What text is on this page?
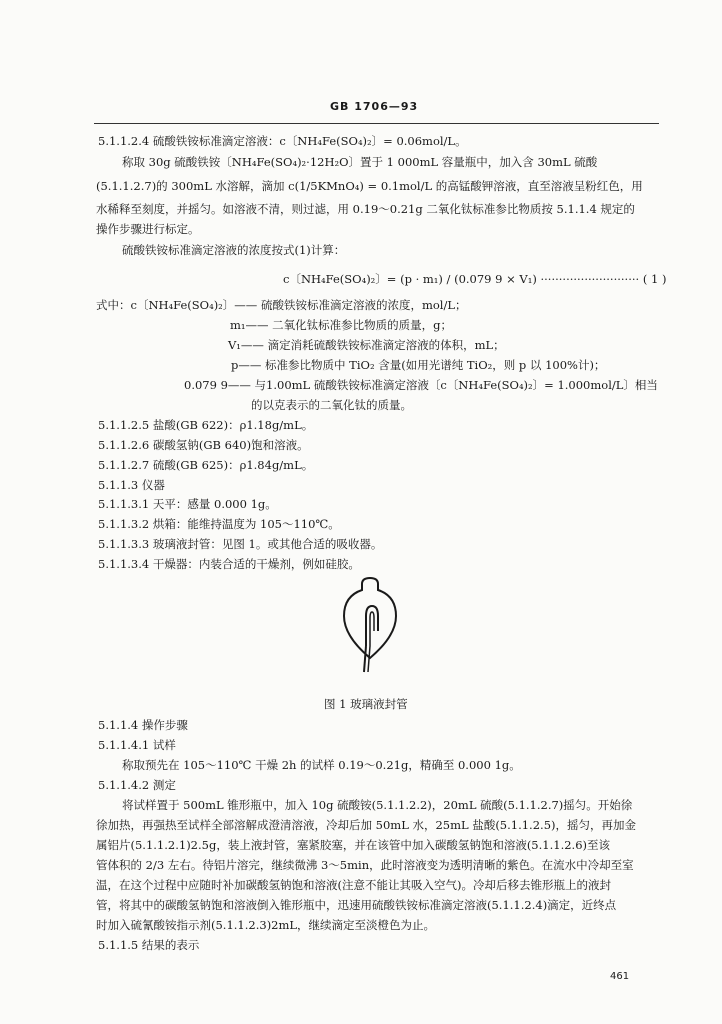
GB 1706—93
5.1.1.2.4 硫酸铁铵标准滴定溶液：c〔NH₄Fe(SO₄)₂〕= 0.06mol/L。
称取 30g 硫酸铁铵〔NH₄Fe(SO₄)₂·12H₂O〕置于 1 000mL 容量瓶中，加入含 30mL 硫酸
(5.1.1.2.7)的 300mL 水溶解，滴加 c(1/5KMnO₄) = 0.1mol/L 的高锰酸钾溶液，直至溶液呈粉红色，用
水稀释至刻度，并摇匀。如溶液不清，则过滤，用 0.19～0.21g 二氧化钛标准参比物质按 5.1.1.4 规定的
操作步骤进行标定。
硫酸铁铵标准滴定溶液的浓度按式(1)计算：
c〔NH₄Fe(SO₄)₂〕= (p · m₁) / (0.079 9 × V₁) ··························· ( 1 )
式中：c〔NH₄Fe(SO₄)₂〕—— 硫酸铁铵标准滴定溶液的浓度，mol/L；
m₁—— 二氧化钛标准参比物质的质量，g；
V₁—— 滴定消耗硫酸铁铵标准滴定溶液的体积，mL；
p—— 标准参比物质中 TiO₂ 含量(如用光谱纯 TiO₂，则 p 以 100%计)；
0.079 9—— 与1.00mL 硫酸铁铵标准滴定溶液〔c〔NH₄Fe(SO₄)₂〕= 1.000mol/L〕相当
的以克表示的二氧化钛的质量。
5.1.1.2.5 盐酸(GB 622)：ρ1.18g/mL。
5.1.1.2.6 碳酸氢钠(GB 640)饱和溶液。
5.1.1.2.7 硫酸(GB 625)：ρ1.84g/mL。
5.1.1.3 仪器
5.1.1.3.1 天平：感量 0.000 1g。
5.1.1.3.2 烘箱：能维持温度为 105～110℃。
5.1.1.3.3 玻璃液封管：见图 1。或其他合适的吸收器。
5.1.1.3.4 干燥器：内装合适的干燥剂，例如硅胶。
图 1 玻璃液封管
5.1.1.4 操作步骤
5.1.1.4.1 试样
称取预先在 105～110℃ 干燥 2h 的试样 0.19～0.21g，精确至 0.000 1g。
5.1.1.4.2 测定
将试样置于 500mL 锥形瓶中，加入 10g 硫酸铵(5.1.1.2.2)，20mL 硫酸(5.1.1.2.7)摇匀。开始徐
徐加热，再强热至试样全部溶解成澄清溶液，冷却后加 50mL 水，25mL 盐酸(5.1.1.2.5)，摇匀，再加金
属铝片(5.1.1.2.1)2.5g，装上液封管，塞紧胶塞，并在该管中加入碳酸氢钠饱和溶液(5.1.1.2.6)至该
管体积的 2/3 左右。待铝片溶完，继续微沸 3～5min，此时溶液变为透明清晰的紫色。在流水中冷却至室
温，在这个过程中应随时补加碳酸氢钠饱和溶液(注意不能让其吸入空气)。冷却后移去锥形瓶上的液封
管，将其中的碳酸氢钠饱和溶液倒入锥形瓶中，迅速用硫酸铁铵标准滴定溶液(5.1.1.2.4)滴定，近终点
时加入硫氰酸铵指示剂(5.1.1.2.3)2mL，继续滴定至淡橙色为止。
5.1.1.5 结果的表示
461
